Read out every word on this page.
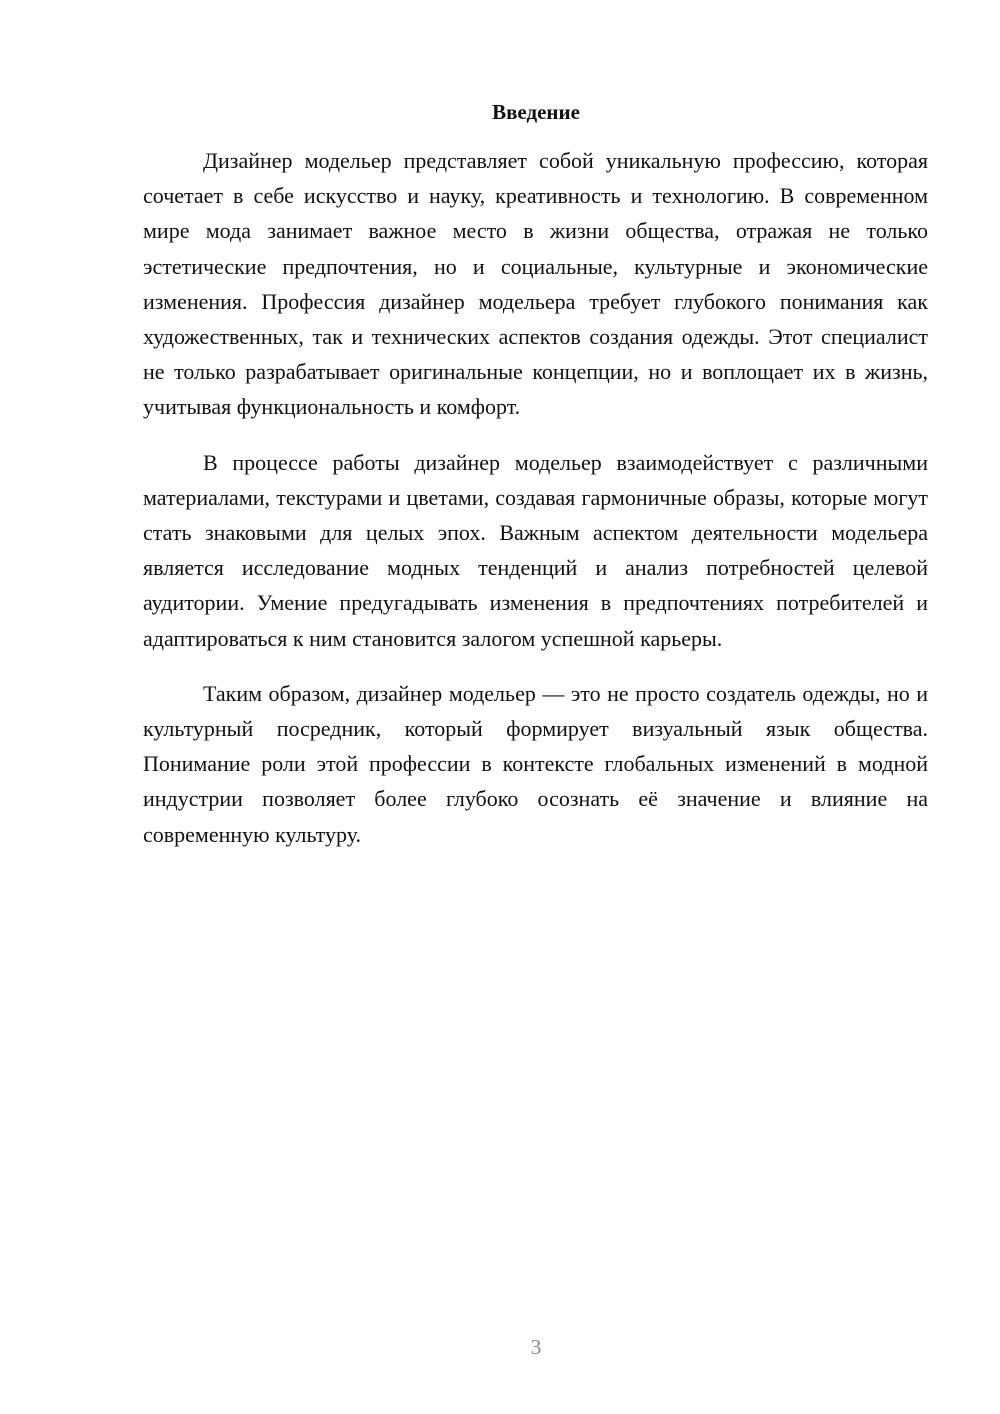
Введение

Дизайнер модельер представляет собой уникальную профессию, которая сочетает в себе искусство и науку, креативность и технологию. В современном мире мода занимает важное место в жизни общества, отражая не только эстетические предпочтения, но и социальные, культурные и экономические изменения. Профессия дизайнер модельера требует глубокого понимания как художественных, так и технических аспектов создания одежды. Этот специалист не только разрабатывает оригинальные концепции, но и воплощает их в жизнь, учитывая функциональность и комфорт.

В процессе работы дизайнер модельер взаимодействует с различными материалами, текстурами и цветами, создавая гармоничные образы, которые могут стать знаковыми для целых эпох. Важным аспектом деятельности модельера является исследование модных тенденций и анализ потребностей целевой аудитории. Умение предугадывать изменения в предпочтениях потребителей и адаптироваться к ним становится залогом успешной карьеры.

Таким образом, дизайнер модельер — это не просто создатель одежды, но и культурный посредник, который формирует визуальный язык общества. Понимание роли этой профессии в контексте глобальных изменений в модной индустрии позволяет более глубоко осознать её значение и влияние на современную культуру.

3
